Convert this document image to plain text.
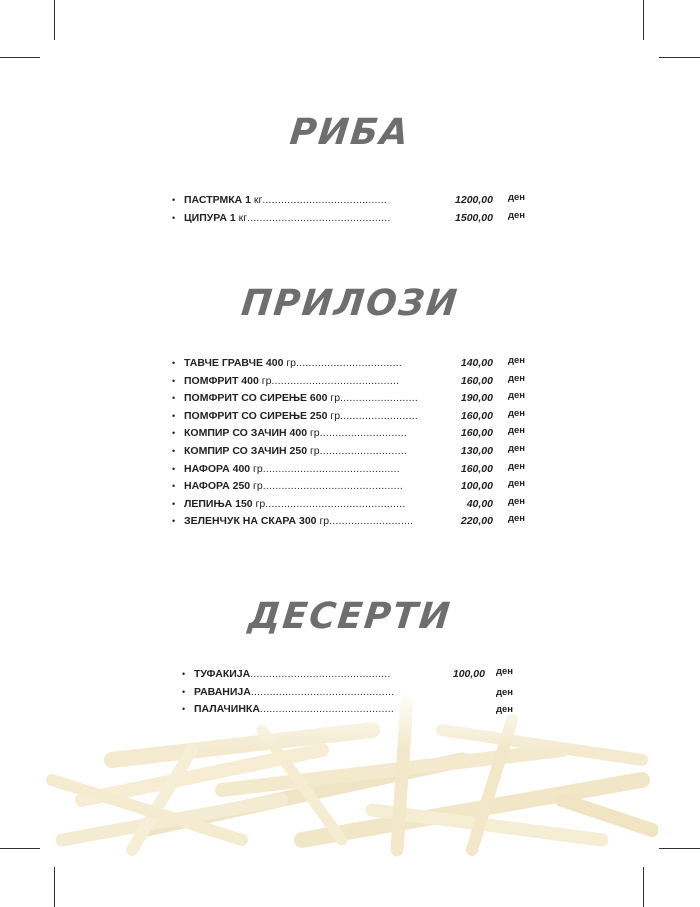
РИБА
• ПАСТРМКА 1 кг........................................	1200,00 ден
• ЦИПУРА 1 кг..............................................	1500,00 ден
ПРИЛОЗИ
• ТАВЧЕ ГРАВЧЕ 400 гр..................................	140,00 ден
• ПОМФРИТ 400 гр.........................................	160,00 ден
• ПОМФРИТ СО СИРЕЊЕ 600 гр.........................	190,00 ден
• ПОМФРИТ СО СИРЕЊЕ 250 гр.........................	160,00 ден
• КОМПИР СО ЗАЧИН 400 гр............................	160,00 ден
• КОМПИР СО ЗАЧИН 250 гр............................	130,00 ден
• НАФОРА 400 гр............................................	160,00 ден
• НАФОРА 250 гр.............................................	100,00 ден
• ЛЕПИЊА 150 гр.............................................	40,00 ден
• ЗЕЛЕНЧУК НА СКАРА 300 гр...........................	220,00 ден
ДЕСЕРТИ
• ТУФАКИЈА.............................................	100,00 ден
• РАВАНИЈА..............................................	ден
• ПАЛАЧИНКА...........................................	ден
